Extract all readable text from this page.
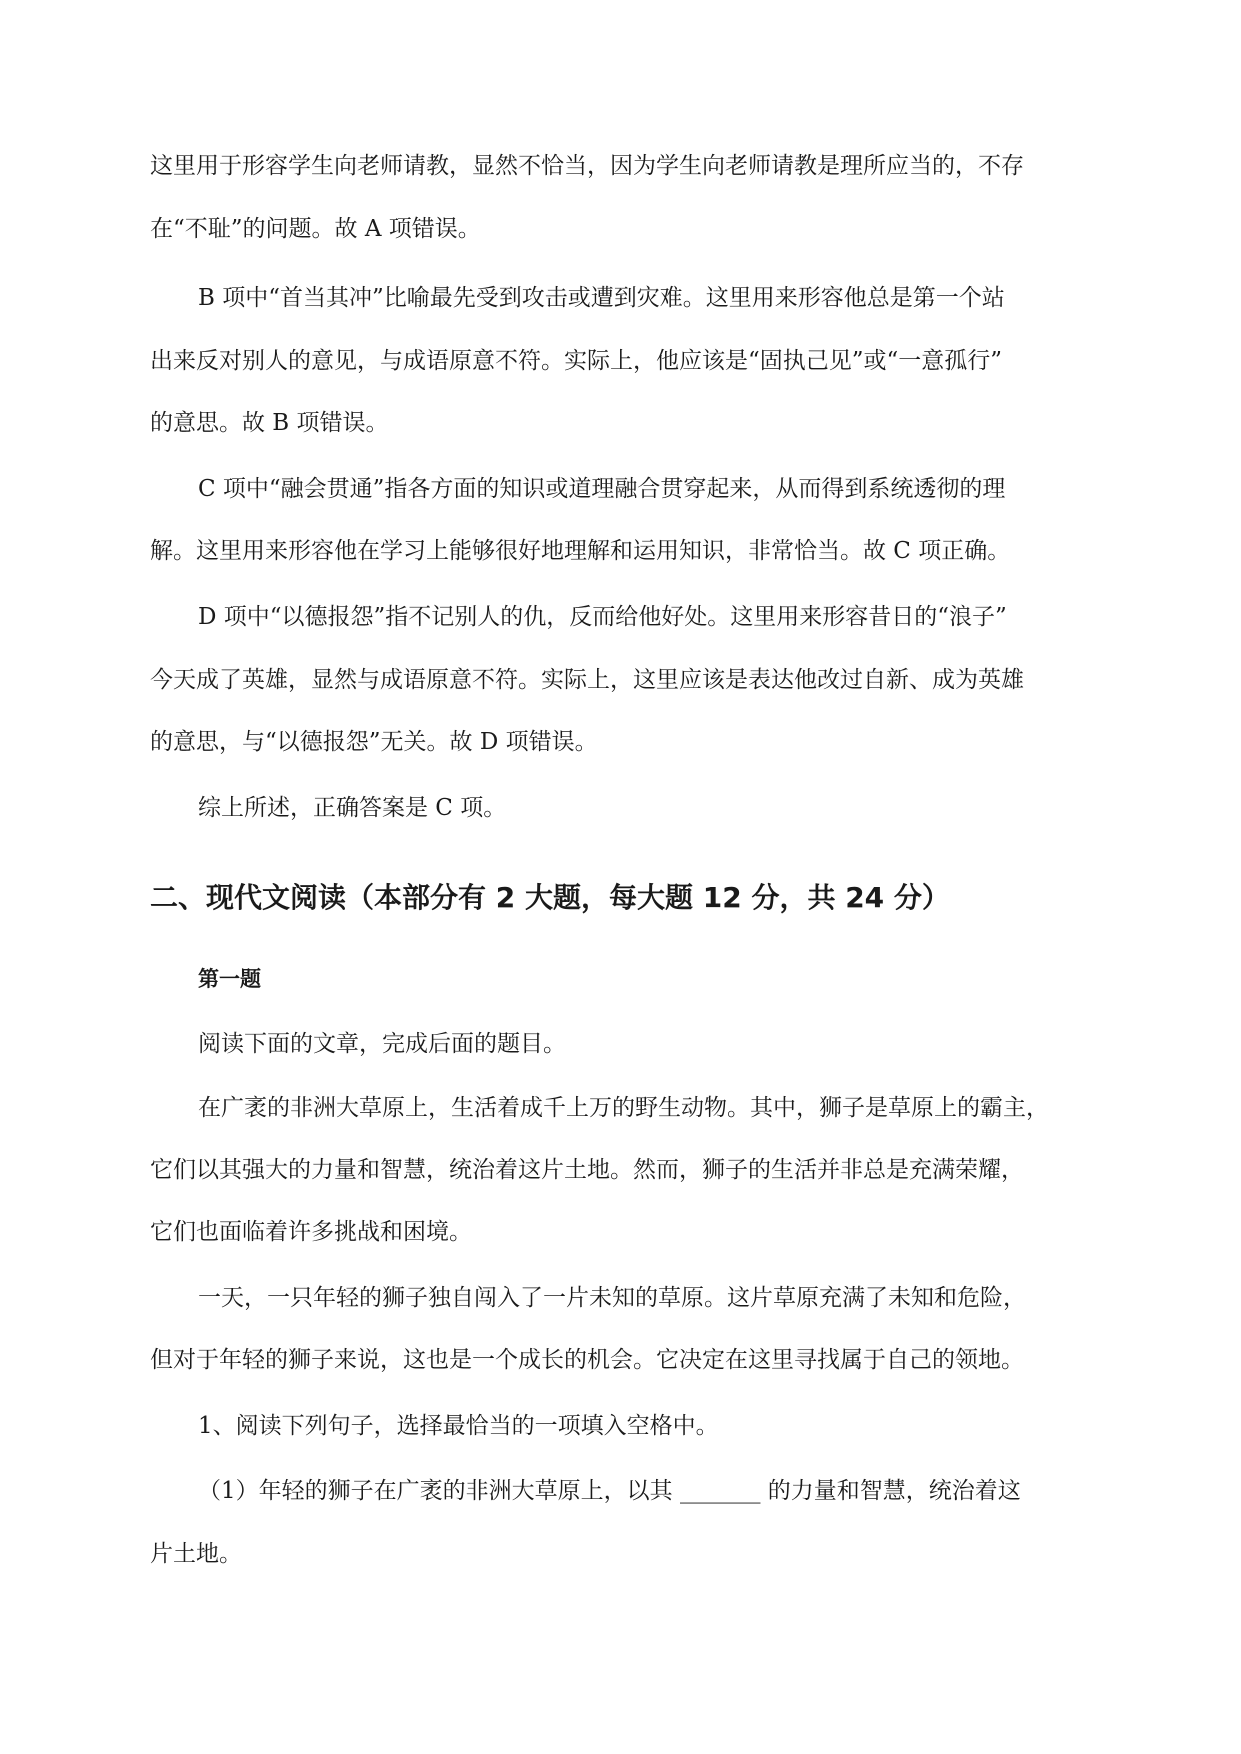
这里用于形容学生向老师请教，显然不恰当，因为学生向老师请教是理所应当的，不存
在“不耻”的问题。故 A 项错误。
B 项中“首当其冲”比喻最先受到攻击或遭到灾难。这里用来形容他总是第一个站
出来反对别人的意见，与成语原意不符。实际上，他应该是“固执己见”或“一意孤行”
的意思。故 B 项错误。
C 项中“融会贯通”指各方面的知识或道理融合贯穿起来，从而得到系统透彻的理
解。这里用来形容他在学习上能够很好地理解和运用知识，非常恰当。故 C 项正确。
D 项中“以德报怨”指不记别人的仇，反而给他好处。这里用来形容昔日的“浪子”
今天成了英雄，显然与成语原意不符。实际上，这里应该是表达他改过自新、成为英雄
的意思，与“以德报怨”无关。故 D 项错误。
综上所述，正确答案是 C 项。
二、现代文阅读（本部分有 2 大题，每大题 12 分，共 24 分）
第一题
阅读下面的文章，完成后面的题目。
在广袤的非洲大草原上，生活着成千上万的野生动物。其中，狮子是草原上的霸主，
它们以其强大的力量和智慧，统治着这片土地。然而，狮子的生活并非总是充满荣耀，
它们也面临着许多挑战和困境。
一天，一只年轻的狮子独自闯入了一片未知的草原。这片草原充满了未知和危险，
但对于年轻的狮子来说，这也是一个成长的机会。它决定在这里寻找属于自己的领地。
1、阅读下列句子，选择最恰当的一项填入空格中。
（1）年轻的狮子在广袤的非洲大草原上，以其 _______ 的力量和智慧，统治着这
片土地。
